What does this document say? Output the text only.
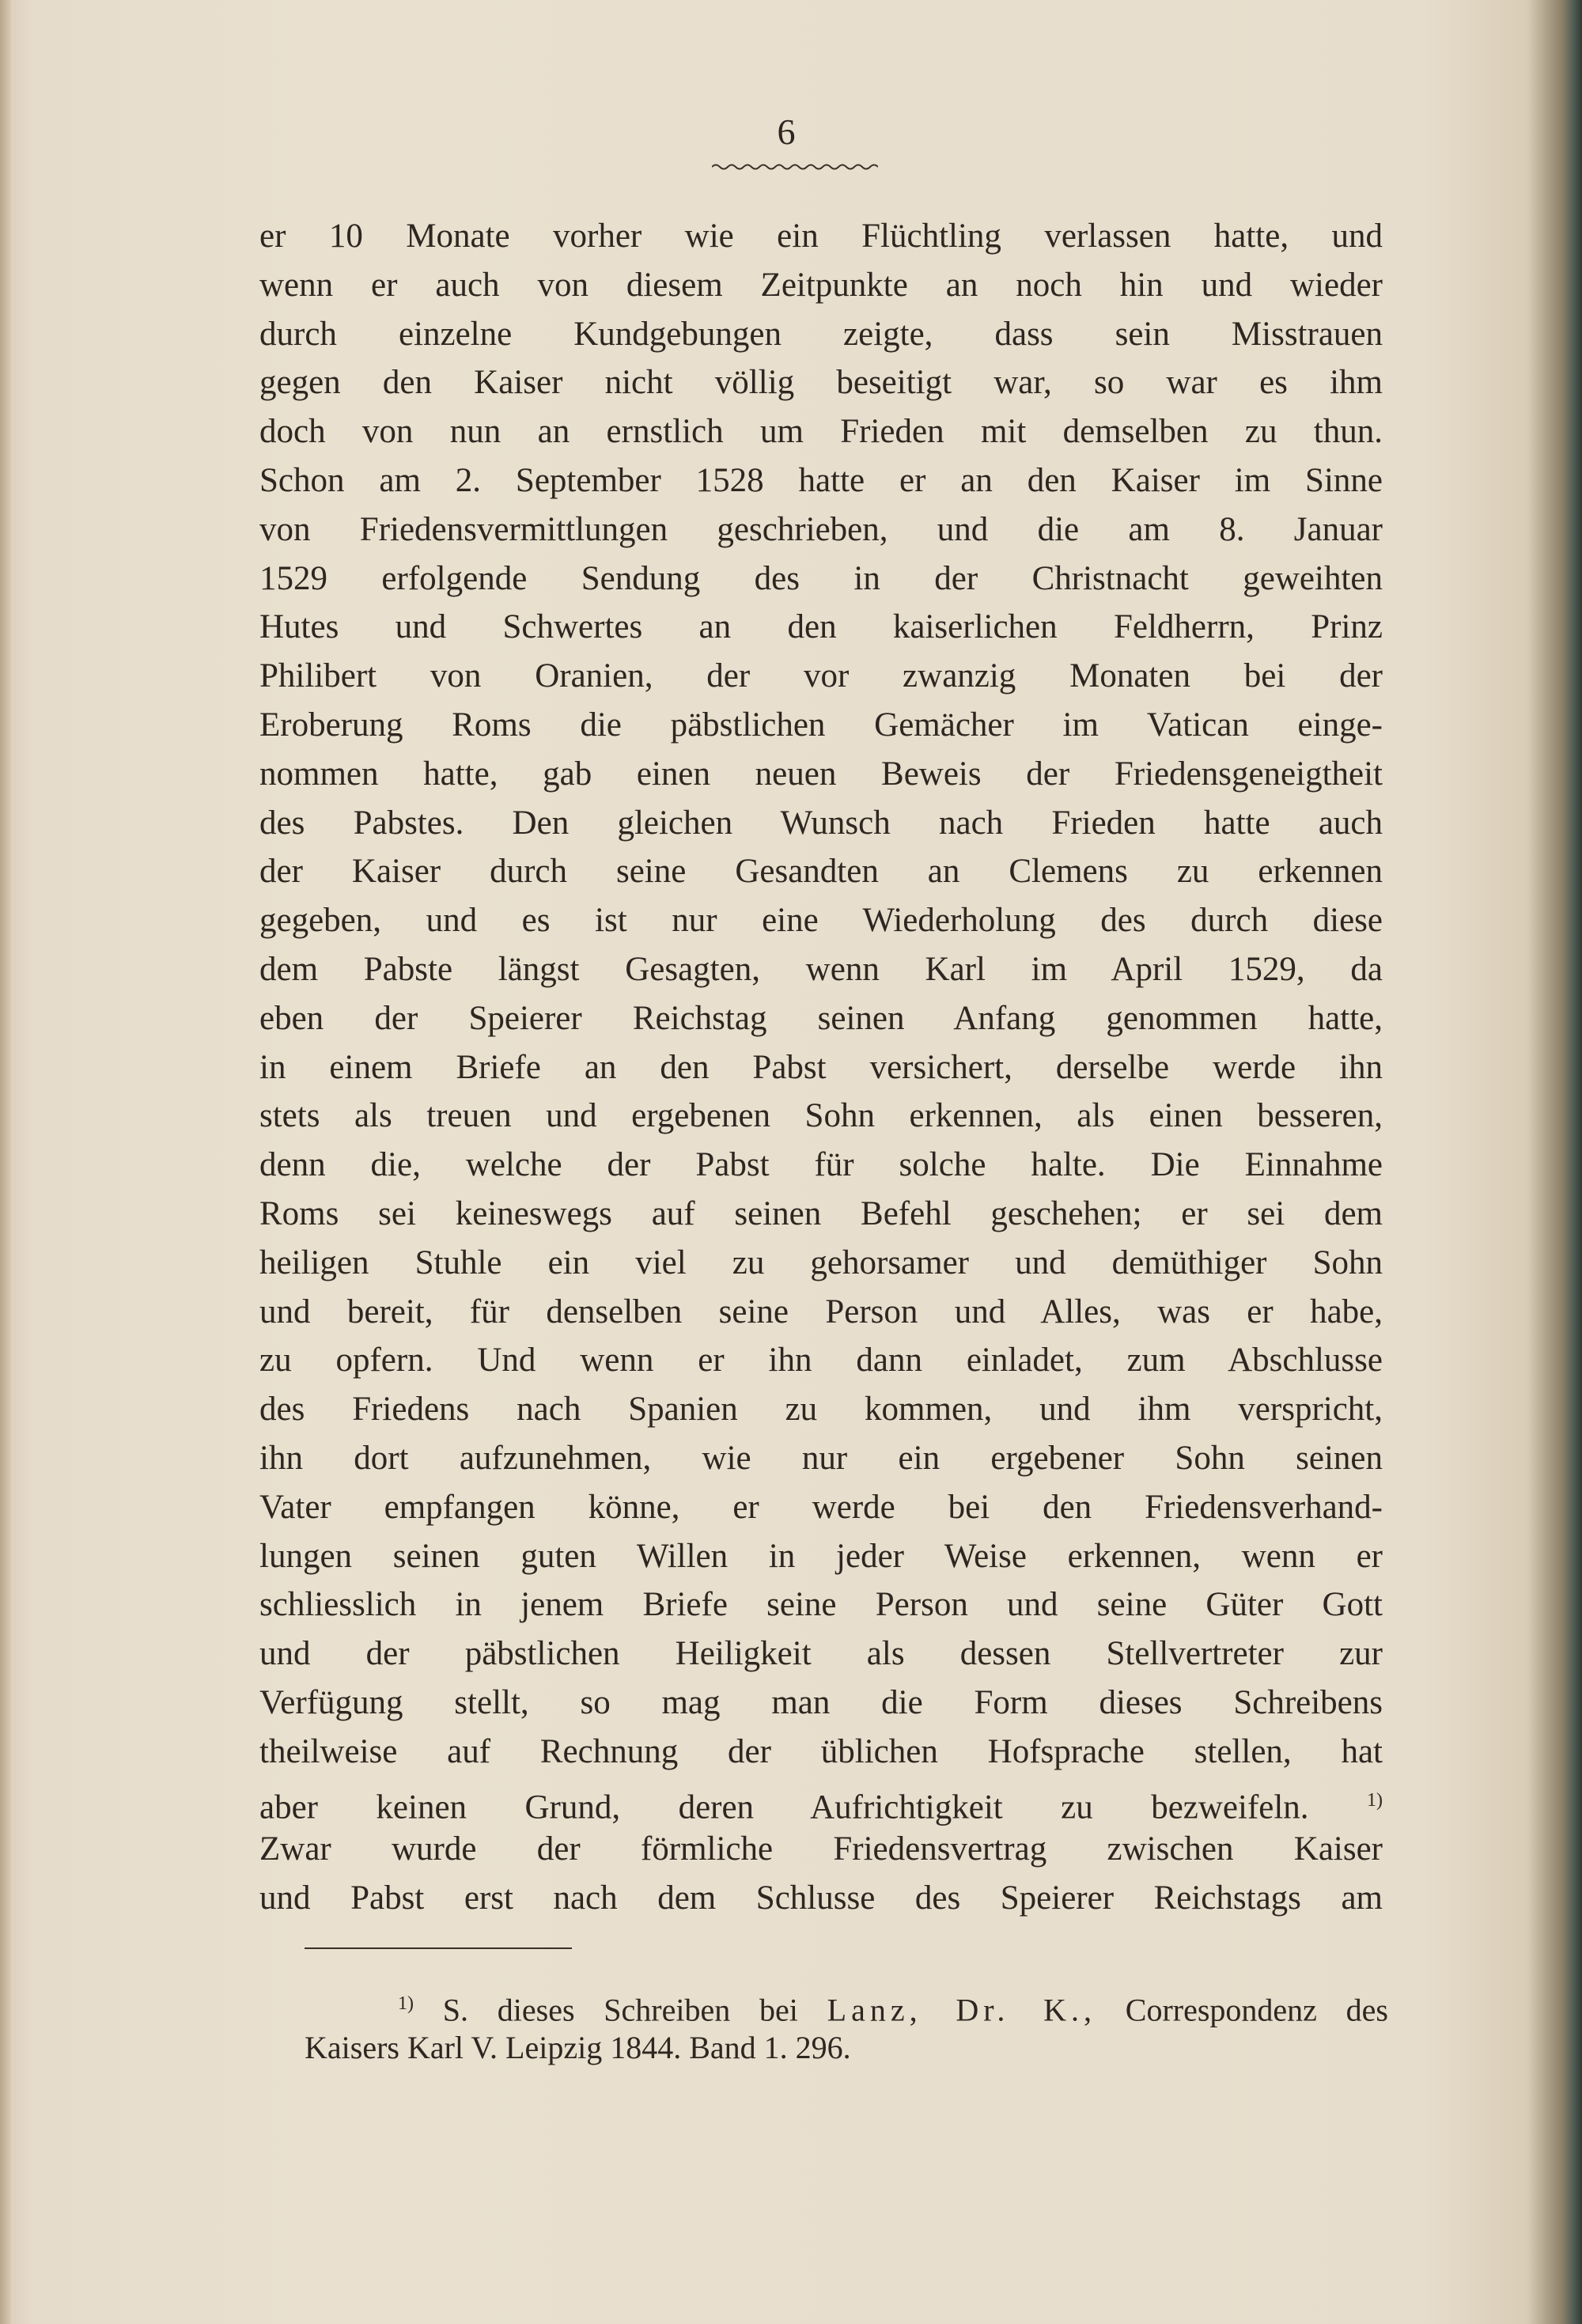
6
er 10 Monate vorher wie ein Flüchtling verlassen hatte, und
wenn er auch von diesem Zeitpunkte an noch hin und wieder
durch einzelne Kundgebungen zeigte, dass sein Misstrauen
gegen den Kaiser nicht völlig beseitigt war, so war es ihm
doch von nun an ernstlich um Frieden mit demselben zu thun.
Schon am 2. September 1528 hatte er an den Kaiser im Sinne
von Friedensvermittlungen geschrieben, und die am 8. Januar
1529 erfolgende Sendung des in der Christnacht geweihten
Hutes und Schwertes an den kaiserlichen Feldherrn, Prinz
Philibert von Oranien, der vor zwanzig Monaten bei der
Eroberung Roms die päbstlichen Gemächer im Vatican einge-
nommen hatte, gab einen neuen Beweis der Friedensgeneigtheit
des Pabstes. Den gleichen Wunsch nach Frieden hatte auch
der Kaiser durch seine Gesandten an Clemens zu erkennen
gegeben, und es ist nur eine Wiederholung des durch diese
dem Pabste längst Gesagten, wenn Karl im April 1529, da
eben der Speierer Reichstag seinen Anfang genommen hatte,
in einem Briefe an den Pabst versichert, derselbe werde ihn
stets als treuen und ergebenen Sohn erkennen, als einen besseren,
denn die, welche der Pabst für solche halte. Die Einnahme
Roms sei keineswegs auf seinen Befehl geschehen; er sei dem
heiligen Stuhle ein viel zu gehorsamer und demüthiger Sohn
und bereit, für denselben seine Person und Alles, was er habe,
zu opfern. Und wenn er ihn dann einladet, zum Abschlusse
des Friedens nach Spanien zu kommen, und ihm verspricht,
ihn dort aufzunehmen, wie nur ein ergebener Sohn seinen
Vater empfangen könne, er werde bei den Friedensverhand-
lungen seinen guten Willen in jeder Weise erkennen, wenn er
schliesslich in jenem Briefe seine Person und seine Güter Gott
und der päbstlichen Heiligkeit als dessen Stellvertreter zur
Verfügung stellt, so mag man die Form dieses Schreibens
theilweise auf Rechnung der üblichen Hofsprache stellen, hat
aber keinen Grund, deren Aufrichtigkeit zu bezweifeln.	$^{1)}$
Zwar wurde der förmliche Friedensvertrag zwischen Kaiser
und Pabst erst nach dem Schlusse des Speierer Reichstags am
$^{1)}$ S. dieses Schreiben bei Lanz, Dr. K., Correspondenz des
Kaisers Karl V. Leipzig 1844. Band 1. 296.
